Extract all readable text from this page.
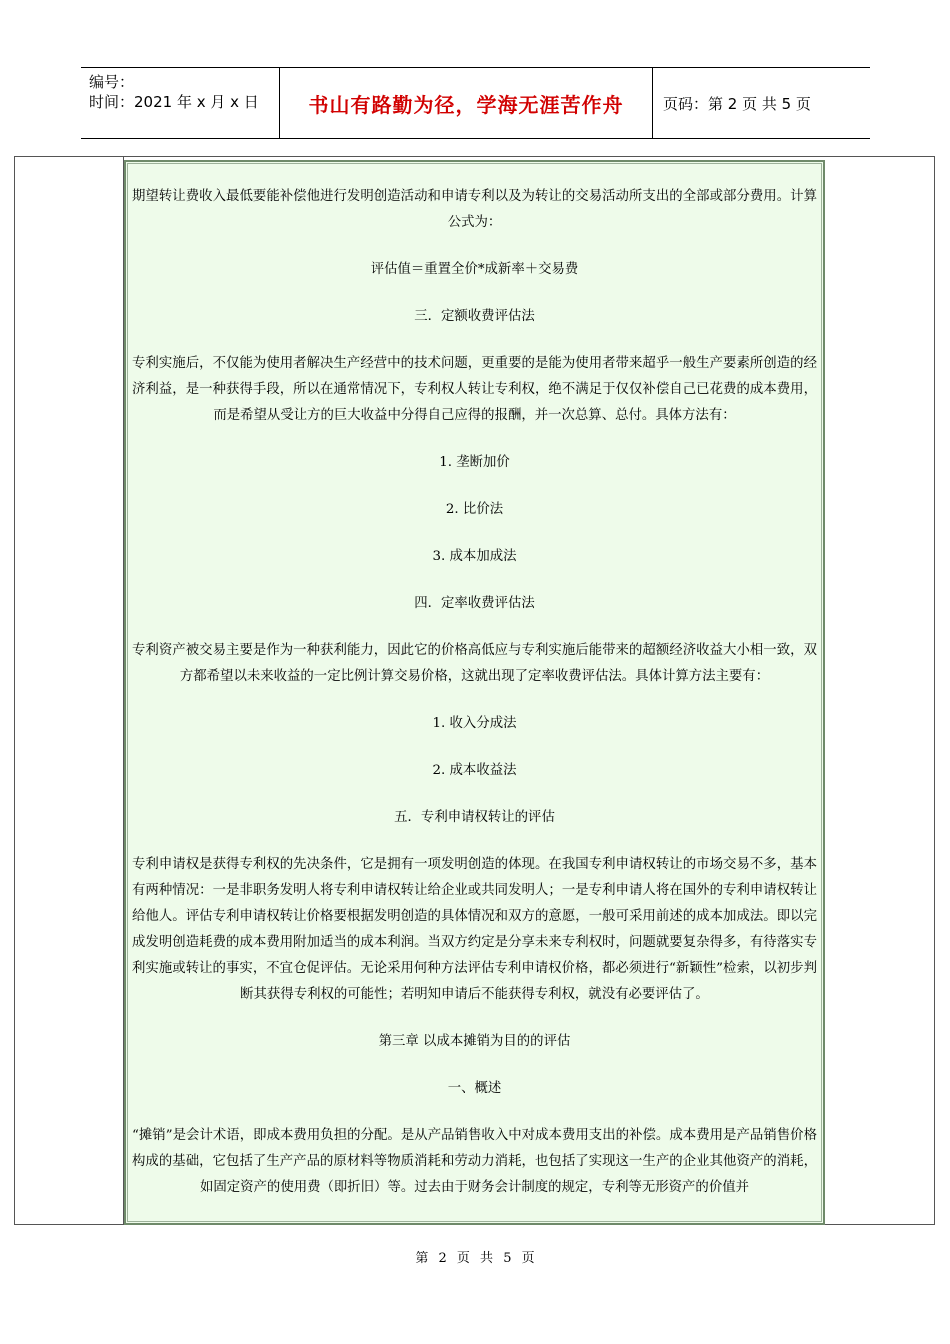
编号：
时间：2021 年 x 月 x 日	书山有路勤为径，学海无涯苦作舟	页码：第 2 页 共 5 页
期望转让费收入最低要能补偿他进行发明创造活动和申请专利以及为转让的交易活动所支出的全部或部分费用。计算公式为：
评估值＝重置全价*成新率＋交易费
三．定额收费评估法
专利实施后，不仅能为使用者解决生产经营中的技术问题，更重要的是能为使用者带来超乎一般生产要素所创造的经济利益，是一种获得手段，所以在通常情况下，专利权人转让专利权，绝不满足于仅仅补偿自己已花费的成本费用，而是希望从受让方的巨大收益中分得自己应得的报酬，并一次总算、总付。具体方法有：
1. 垄断加价
2. 比价法
3. 成本加成法
四．定率收费评估法
专利资产被交易主要是作为一种获利能力，因此它的价格高低应与专利实施后能带来的超额经济收益大小相一致，双方都希望以未来收益的一定比例计算交易价格，这就出现了定率收费评估法。具体计算方法主要有：
1. 收入分成法
2. 成本收益法
五．专利申请权转让的评估
专利申请权是获得专利权的先决条件，它是拥有一项发明创造的体现。在我国专利申请权转让的市场交易不多，基本有两种情况：一是非职务发明人将专利申请权转让给企业或共同发明人；一是专利申请人将在国外的专利申请权转让给他人。评估专利申请权转让价格要根据发明创造的具体情况和双方的意愿，一般可采用前述的成本加成法。即以完成发明创造耗费的成本费用附加适当的成本利润。当双方约定是分享未来专利权时，问题就要复杂得多，有待落实专利实施或转让的事实，不宜仓促评估。无论采用何种方法评估专利申请权价格，都必须进行“新颖性”检索，以初步判断其获得专利权的可能性；若明知申请后不能获得专利权，就没有必要评估了。
第三章 以成本摊销为目的的评估
一、概述
“摊销”是会计术语，即成本费用负担的分配。是从产品销售收入中对成本费用支出的补偿。成本费用是产品销售价格构成的基础，它包括了生产产品的原材料等物质消耗和劳动力消耗，也包括了实现这一生产的企业其他资产的消耗，如固定资产的使用费（即折旧）等。过去由于财务会计制度的规定，专利等无形资产的价值并
第 2 页 共 5 页
